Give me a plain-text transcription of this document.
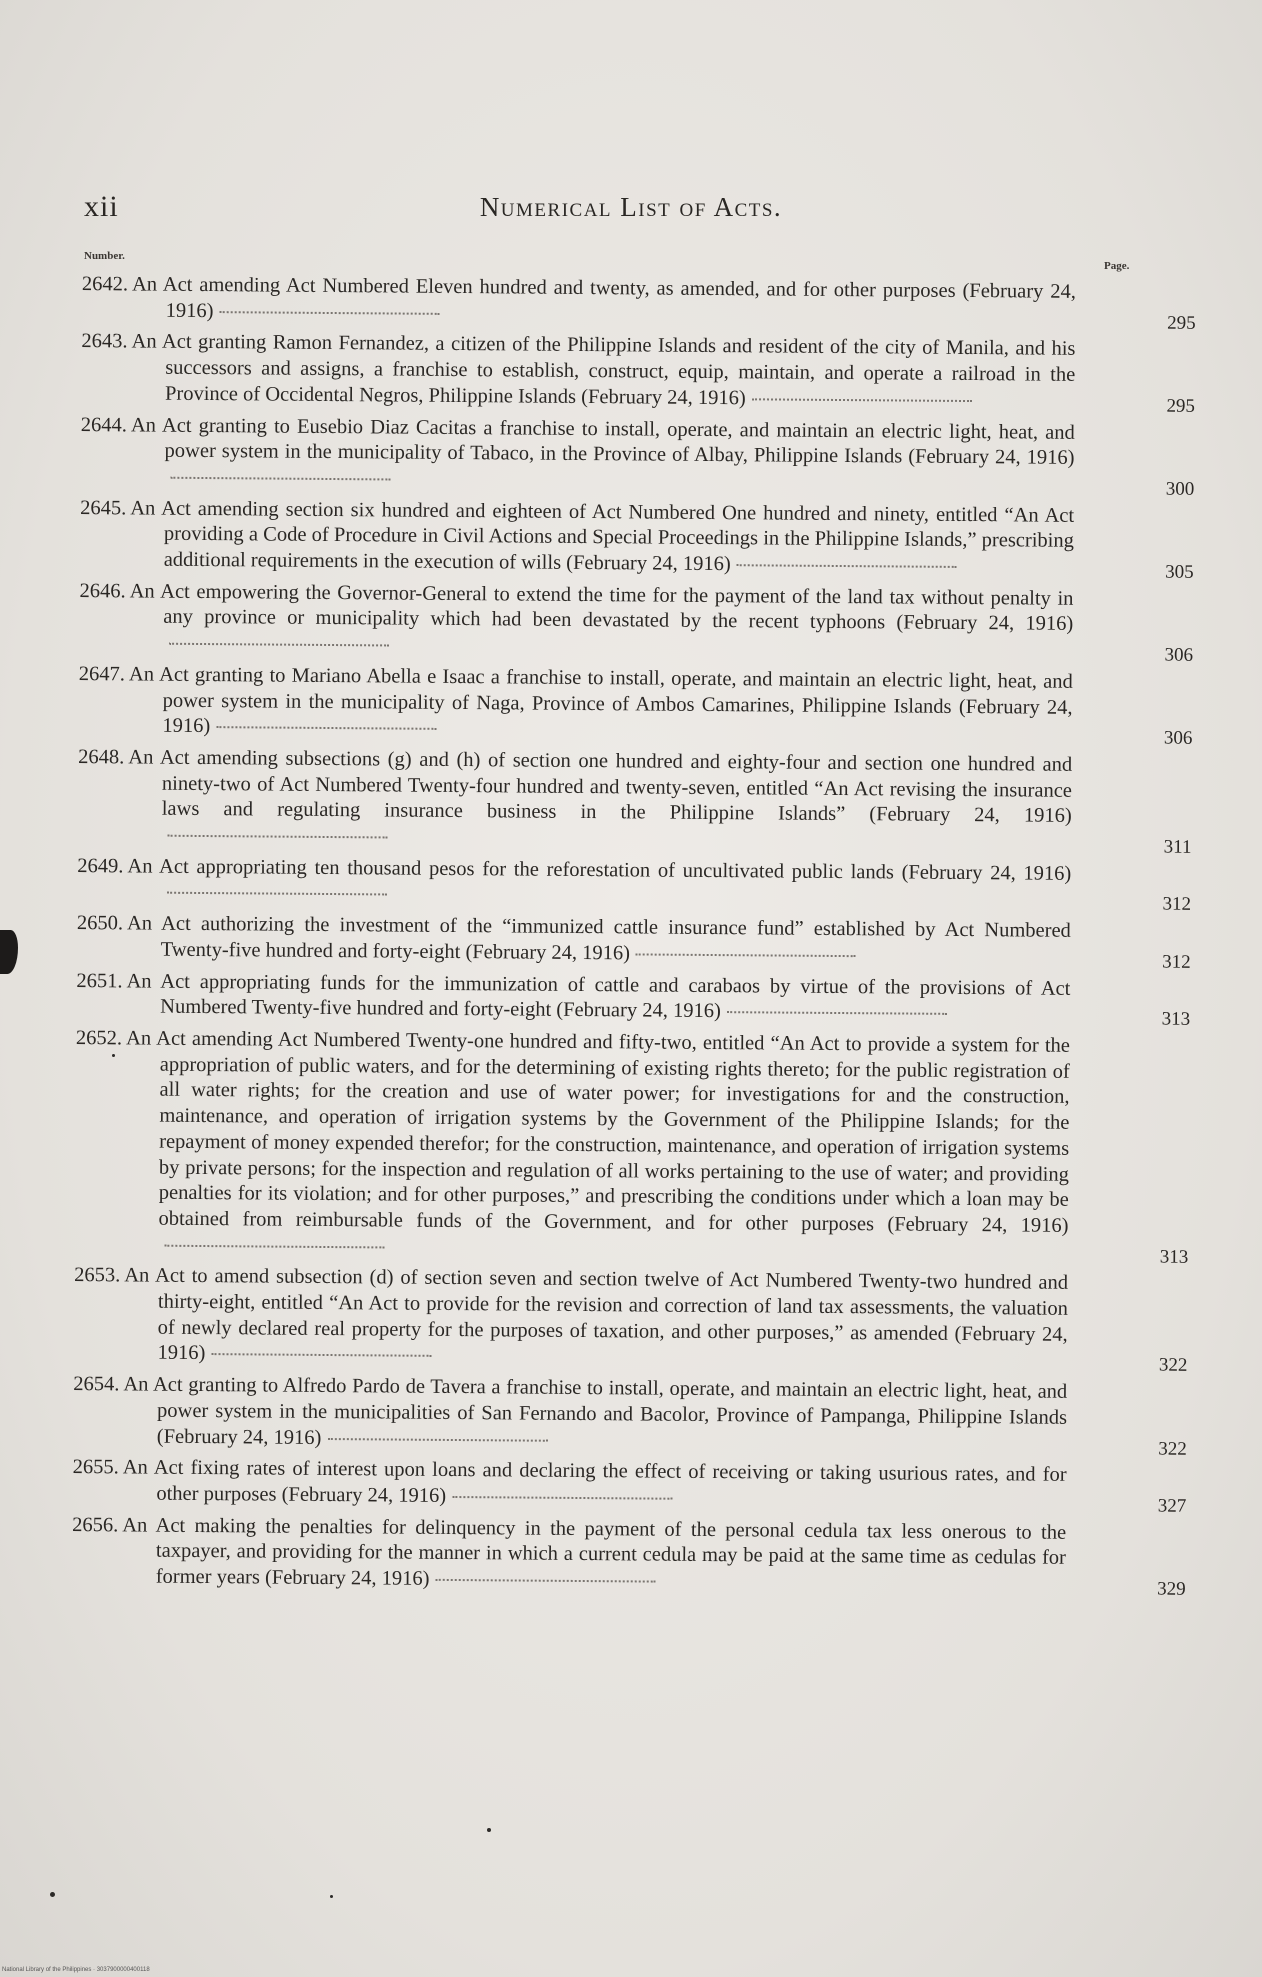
xii	Numerical List of Acts.
Number.
Page.
2642. An Act amending Act Numbered Eleven hundred and twenty, as amended, and for other purposes (February 24, 1916)
295
2643. An Act granting Ramon Fernandez, a citizen of the Philippine Islands and resident of the city of Manila, and his successors and assigns, a franchise to establish, construct, equip, maintain, and operate a railroad in the Province of Occidental Negros, Philippine Islands (February 24, 1916)	295
2644. An Act granting to Eusebio Diaz Cacitas a franchise to install, operate, and maintain an electric light, heat, and power system in the municipality of Tabaco, in the Province of Albay, Philippine Islands (February 24, 1916)
300
2645. An Act amending section six hundred and eighteen of Act Numbered One hundred and ninety, entitled “An Act providing a Code of Procedure in Civil Actions and Special Proceedings in the Philippine Islands,” prescribing additional requirements in the execution of wills (February 24, 1916)	305
2646. An Act empowering the Governor-General to extend the time for the payment of the land tax without penalty in any province or municipality which had been devastated by the recent typhoons (February 24, 1916)
306
2647. An Act granting to Mariano Abella e Isaac a franchise to install, operate, and maintain an electric light, heat, and power system in the municipality of Naga, Province of Ambos Camarines, Philippine Islands (February 24, 1916)
306
2648. An Act amending subsections (g) and (h) of section one hundred and eighty-four and section one hundred and ninety-two of Act Numbered Twenty-four hundred and twenty-seven, entitled “An Act revising the insurance laws and regulating insurance business in the Philippine Islands” (February 24, 1916)
311
2649. An Act appropriating ten thousand pesos for the reforestation of uncultivated public lands (February 24, 1916)
312
2650. An Act authorizing the investment of the “immunized cattle insurance fund” established by Act Numbered Twenty-five hundred and forty-eight (February 24, 1916)	312
2651. An Act appropriating funds for the immunization of cattle and carabaos by virtue of the provisions of Act Numbered Twenty-five hundred and forty-eight (February 24, 1916)	313
2652. An Act amending Act Numbered Twenty-one hundred and fifty-two, entitled “An Act to provide a system for the appropriation of public waters, and for the determining of existing rights thereto; for the public registration of all water rights; for the creation and use of water power; for investigations for and the construction, maintenance, and operation of irrigation systems by the Government of the Philippine Islands; for the repayment of money expended therefor; for the construction, maintenance, and operation of irrigation systems by private persons; for the inspection and regulation of all works pertaining to the use of water; and providing penalties for its violation; and for other purposes,” and prescribing the conditions under which a loan may be obtained from reimbursable funds of the Government, and for other purposes (February 24, 1916)
313
2653. An Act to amend subsection (d) of section seven and section twelve of Act Numbered Twenty-two hundred and thirty-eight, entitled “An Act to provide for the revision and correction of land tax assessments, the valuation of newly declared real property for the purposes of taxation, and other purposes,” as amended (February 24, 1916)
322
2654. An Act granting to Alfredo Pardo de Tavera a franchise to install, operate, and maintain an electric light, heat, and power system in the municipalities of San Fernando and Bacolor, Province of Pampanga, Philippine Islands (February 24, 1916)
322
2655. An Act fixing rates of interest upon loans and declaring the effect of receiving or taking usurious rates, and for other purposes (February 24, 1916)	327
2656. An Act making the penalties for delinquency in the payment of the personal cedula tax less onerous to the taxpayer, and providing for the manner in which a current cedula may be paid at the same time as cedulas for former years (February 24, 1916)	329
National Library of the Philippines · 3037900000400118
